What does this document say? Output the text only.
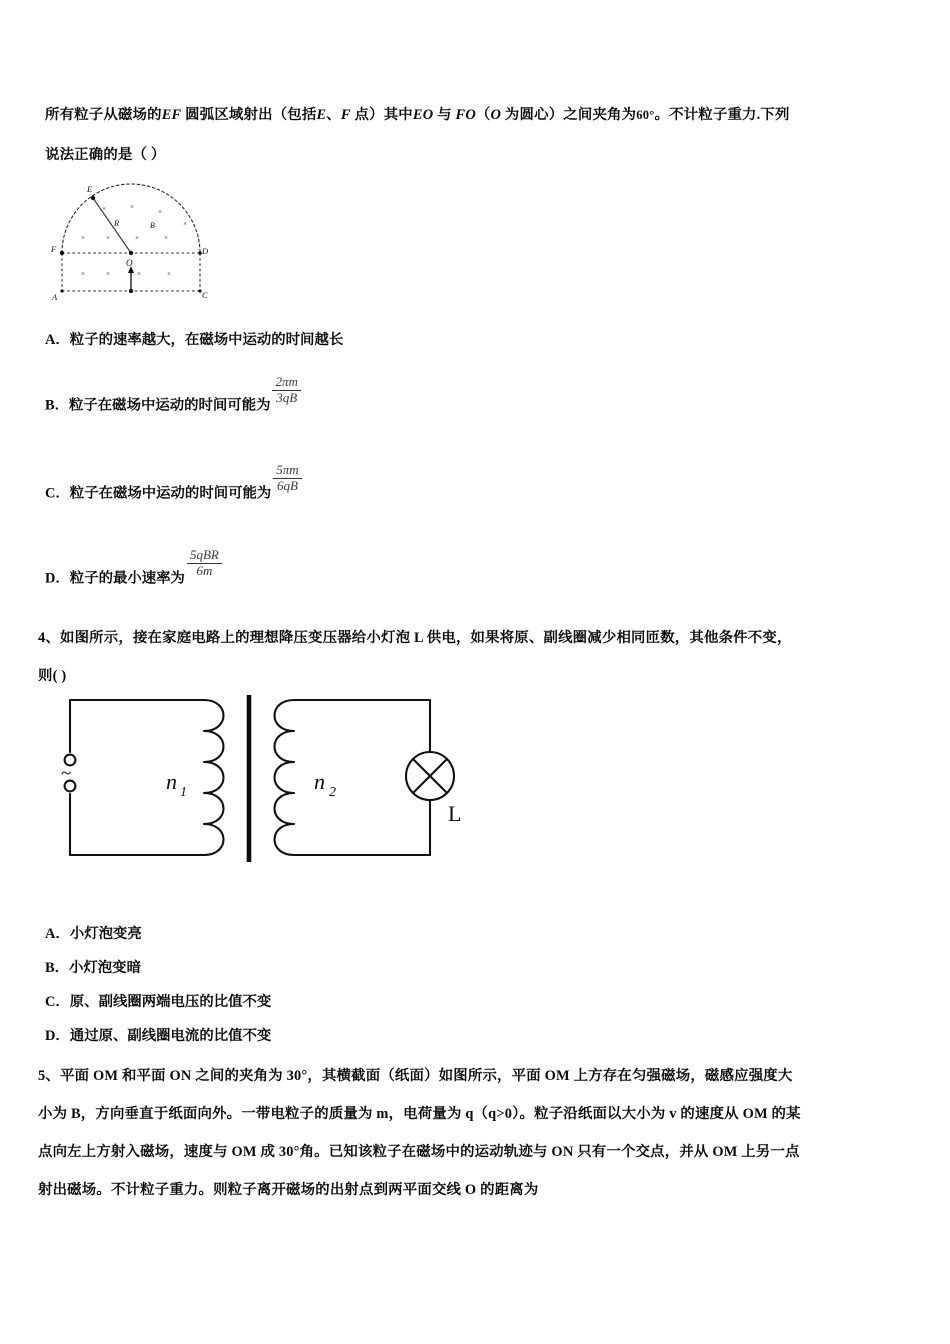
所有粒子从磁场的EF 圆弧区域射出（包括E、F 点）其中EO 与 FO（O 为圆心）之间夹角为60°。不计粒子重力.下列
说法正确的是（ ）
×	×
×
×	×	×	×
×
×	×	×	×
E
F	D
A	C
O
R	B
A．粒子的速率越大，在磁场中运动的时间越长
B．粒子在磁场中运动的时间可能为
$\frac{2\pi m}{3qB}$
C．粒子在磁场中运动的时间可能为
$\frac{5\pi m}{6qB}$
D．粒子的最小速率为
$\frac{\text{5qBR}}{6m}$
4、如图所示，接在家庭电路上的理想降压变压器给小灯泡 L 供电，如果将原、副线圈减少相同匝数，其他条件不变，
则( )
~	n 1	n 2
L
A．小灯泡变亮
B．小灯泡变暗
C．原、副线圈两端电压的比值不变
D．通过原、副线圈电流的比值不变
5、平面 OM 和平面 ON 之间的夹角为 30°，其横截面（纸面）如图所示，平面 OM 上方存在匀强磁场，磁感应强度大
小为 B，方向垂直于纸面向外。一带电粒子的质量为 m，电荷量为 q（q>0）。粒子沿纸面以大小为 v 的速度从 OM 的某
点向左上方射入磁场，速度与 OM 成 30°角。已知该粒子在磁场中的运动轨迹与 ON 只有一个交点，并从 OM 上另一点
射出磁场。不计粒子重力。则粒子离开磁场的出射点到两平面交线 O 的距离为
